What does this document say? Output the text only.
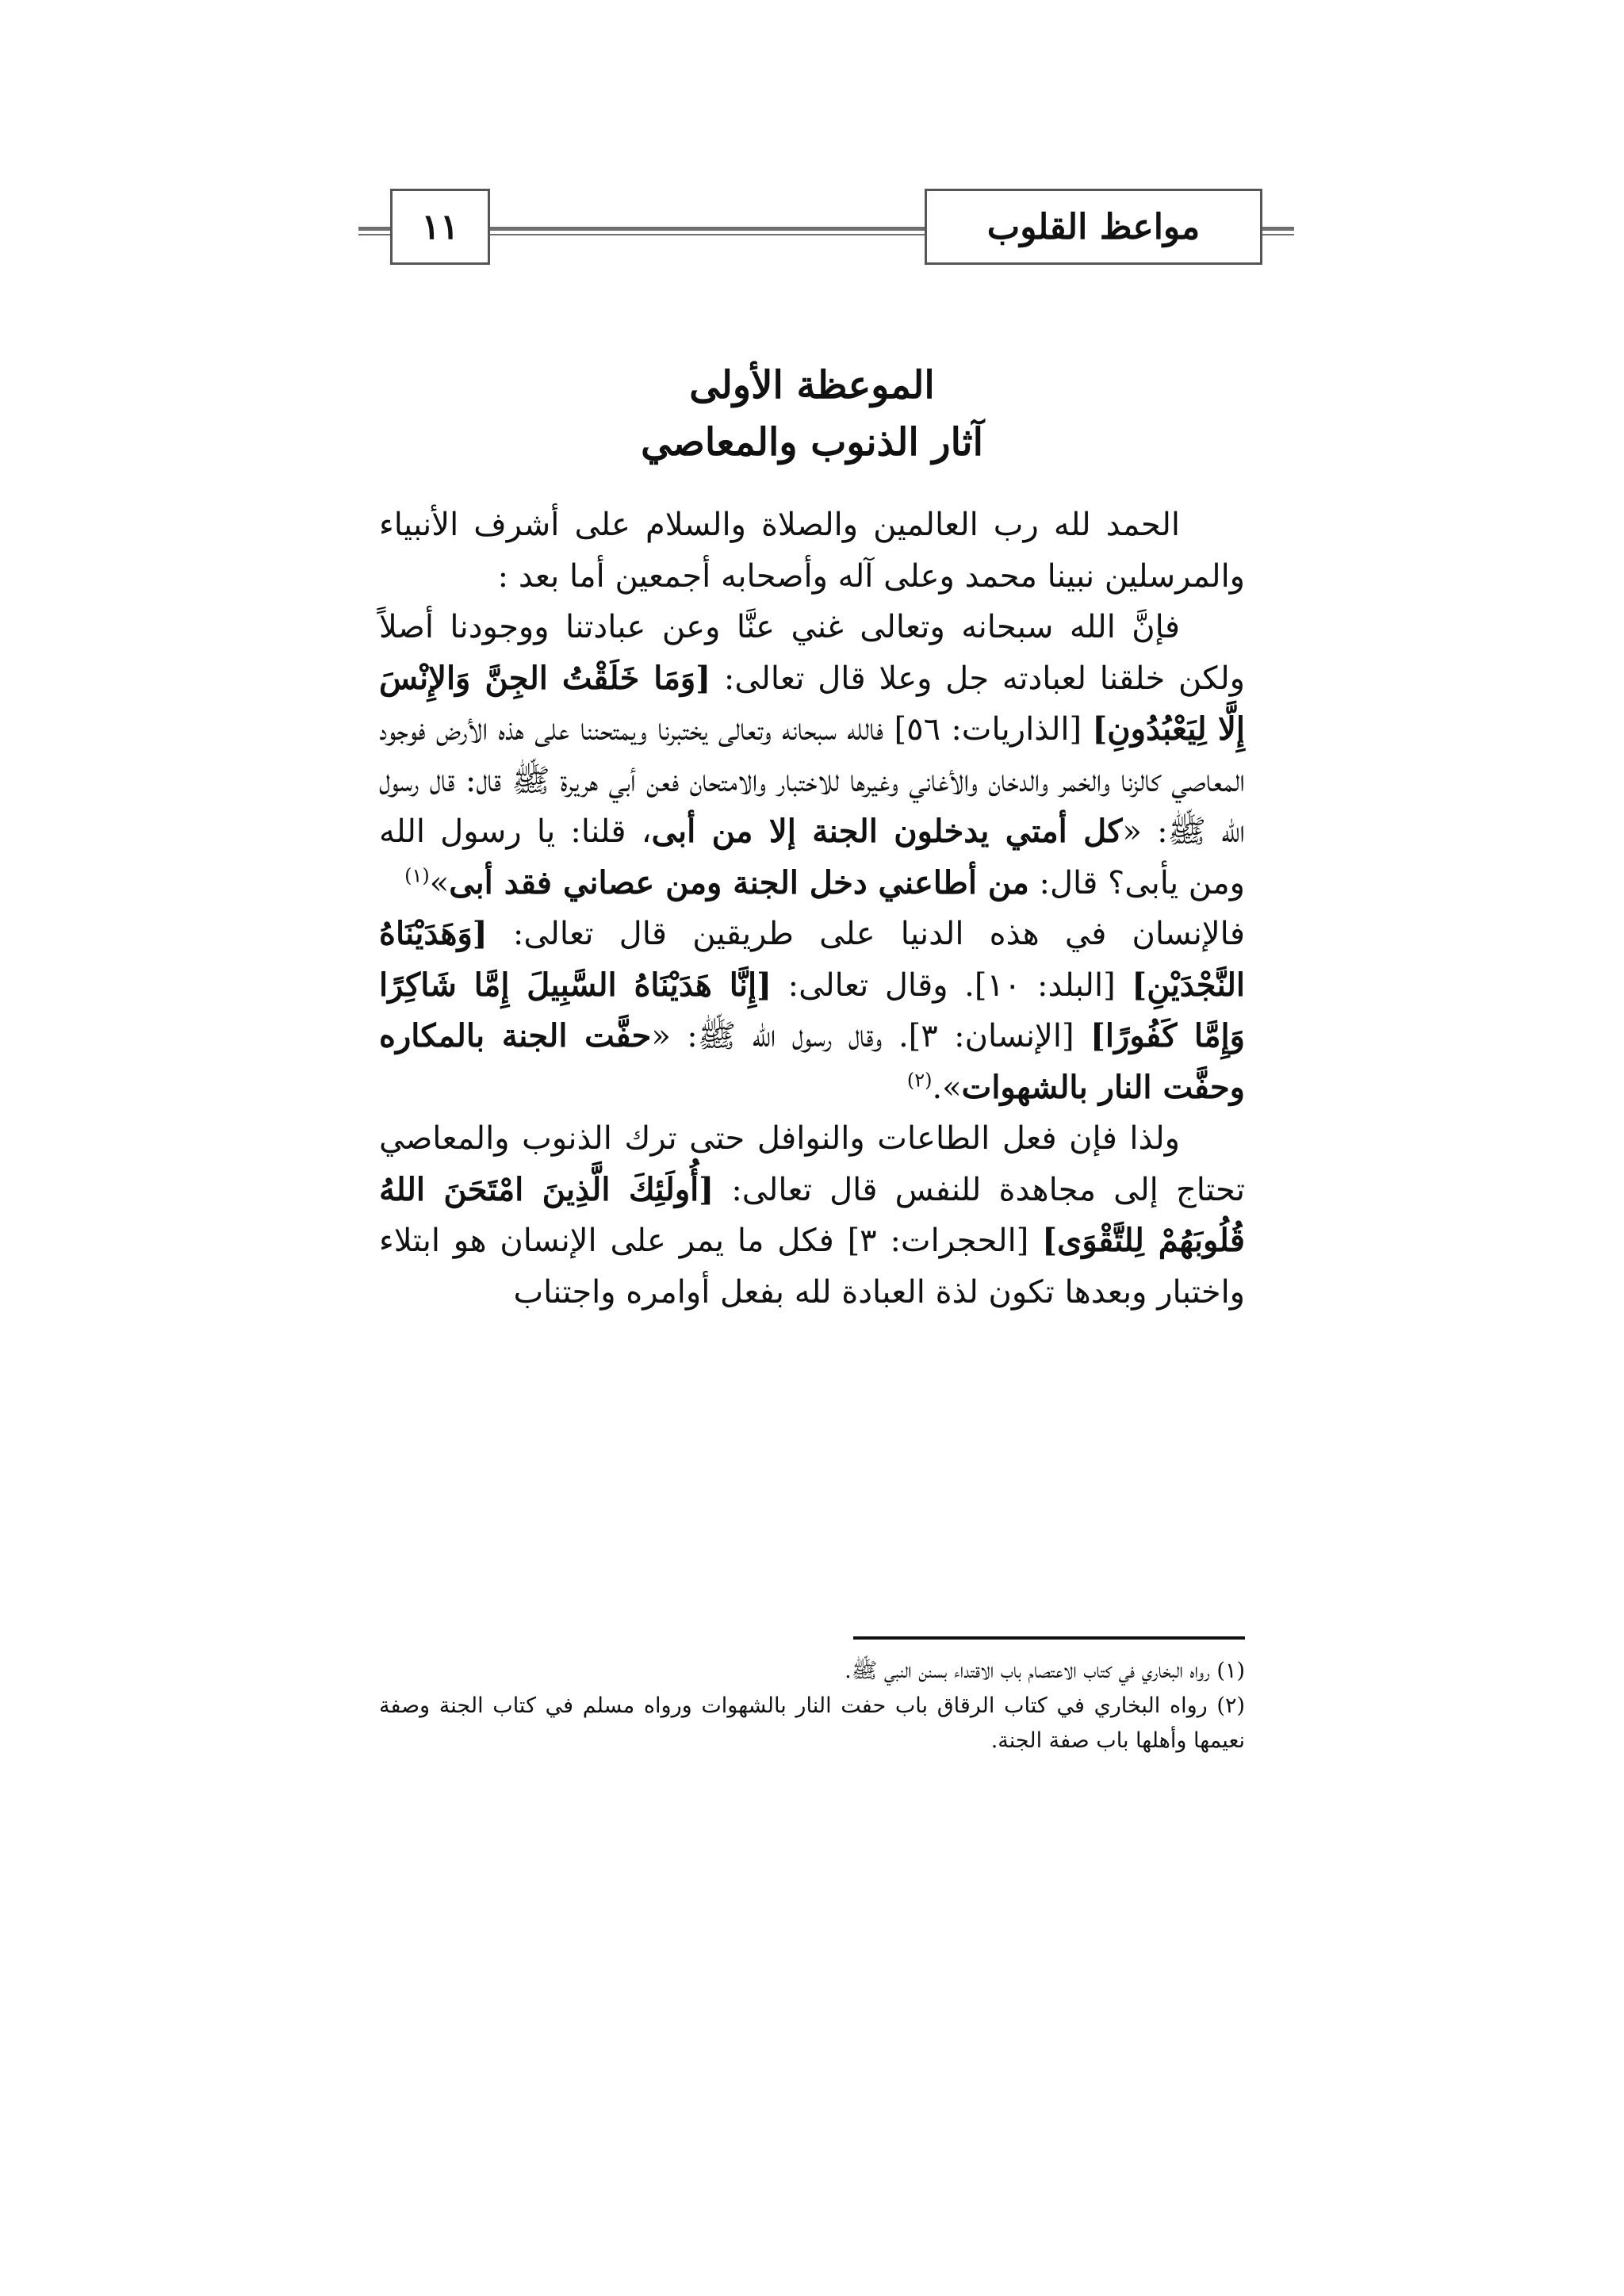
١١	مواعظ القلوب
الموعظة الأولى
آثار الذنوب والمعاصي

الحمد لله رب العالمين والصلاة والسلام على أشرف الأنبياء والمرسلين نبينا محمد وعلى آله وأصحابه أجمعين أما بعد :

فإنَّ الله سبحانه وتعالى غني عنَّا وعن عبادتنا ووجودنا أصلاً ولكن خلقنا لعبادته جل وعلا قال تعالى: [وَمَا خَلَقْتُ الجِنَّ وَالإِنْسَ إِلَّا لِيَعْبُدُونِ] [الذاريات: ٥٦] فالله سبحانه وتعالى يختبرنا ويمتحننا على هذه الأرض فوجود المعاصي كالزنا والخمر والدخان والأغاني وغيرها للاختبار والامتحان فعن أبي هريرة ﷺ قال: قال رسول الله ﷺ: «كل أمتي يدخلون الجنة إلا من أبى، قلنا: يا رسول الله ومن يأبى؟ قال: من أطاعني دخل الجنة ومن عصاني فقد أبى»$^{(١)}$

فالإنسان في هذه الدنيا على طريقين قال تعالى: [وَهَدَيْنَاهُ النَّجْدَيْنِ] [البلد: ١٠]. وقال تعالى: [إِنَّا هَدَيْنَاهُ السَّبِيلَ إِمَّا شَاكِرًا وَإِمَّا كَفُورًا] [الإنسان: ٣]. وقال رسول الله ﷺ: «حفَّت الجنة بالمكاره وحفَّت النار بالشهوات».$^{(٢)}$

ولذا فإن فعل الطاعات والنوافل حتى ترك الذنوب والمعاصي تحتاج إلى مجاهدة للنفس قال تعالى: [أُولَئِكَ الَّذِينَ امْتَحَنَ اللهُ قُلُوبَهُمْ لِلتَّقْوَى] [الحجرات: ٣] فكل ما يمر على الإنسان هو ابتلاء واختبار وبعدها تكون لذة العبادة لله بفعل أوامره واجتناب

(١) رواه البخاري في كتاب الاعتصام باب الاقتداء بسنن النبي ﷺ.

(٢) رواه البخاري في كتاب الرقاق باب حفت النار بالشهوات ورواه مسلم في كتاب الجنة وصفة نعيمها وأهلها باب صفة الجنة.
